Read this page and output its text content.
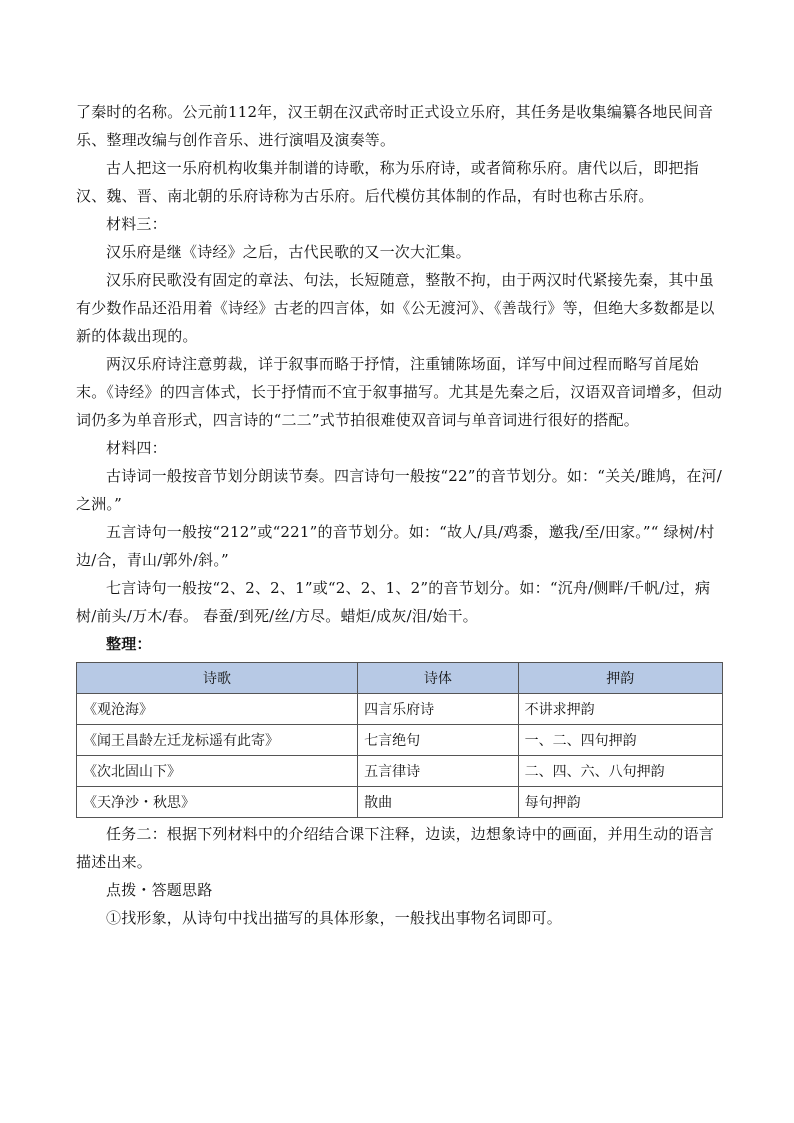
了秦时的名称。公元前112年，汉王朝在汉武帝时正式设立乐府，其任务是收集编纂各地民间音乐、整理改编与创作音乐、进行演唱及演奏等。

古人把这一乐府机构收集并制谱的诗歌，称为乐府诗，或者简称乐府。唐代以后，即把指汉、魏、晋、南北朝的乐府诗称为古乐府。后代模仿其体制的作品，有时也称古乐府。

材料三：

汉乐府是继《诗经》之后，古代民歌的又一次大汇集。

汉乐府民歌没有固定的章法、句法，长短随意，整散不拘，由于两汉时代紧接先秦，其中虽有少数作品还沿用着《诗经》古老的四言体，如《公无渡河》、《善哉行》等，但绝大多数都是以新的体裁出现的。

两汉乐府诗注意剪裁，详于叙事而略于抒情，注重铺陈场面，详写中间过程而略写首尾始末。《诗经》的四言体式，长于抒情而不宜于叙事描写。尤其是先秦之后，汉语双音词增多，但动词仍多为单音形式，四言诗的“二二”式节拍很难使双音词与单音词进行很好的搭配。

材料四：

古诗词一般按音节划分朗读节奏。四言诗句一般按“22”的音节划分。如：“关关/雎鸠，在河/之洲。”

五言诗句一般按“212”或“221”的音节划分。如：“故人/具/鸡黍，邀我/至/田家。”“ 绿树/村边/合，青山/郭外/斜。”

七言诗句一般按“2、2、2、1”或“2、2、1、2”的音节划分。如：“沉舟/侧畔/千帆/过，病树/前头/万木/春。 春蚕/到死/丝/方尽。蜡炬/成灰/泪/始干。

整理：

诗歌	诗体	押韵
《观沧海》	四言乐府诗	不讲求押韵
《闻王昌龄左迁龙标遥有此寄》	七言绝句	一、二、四句押韵
《次北固山下》	五言律诗	二、四、六、八句押韵
《天净沙・秋思》	散曲	每句押韵

任务二：根据下列材料中的介绍结合课下注释，边读，边想象诗中的画面，并用生动的语言描述出来。

点拨・答题思路

①找形象，从诗句中找出描写的具体形象，一般找出事物名词即可。
